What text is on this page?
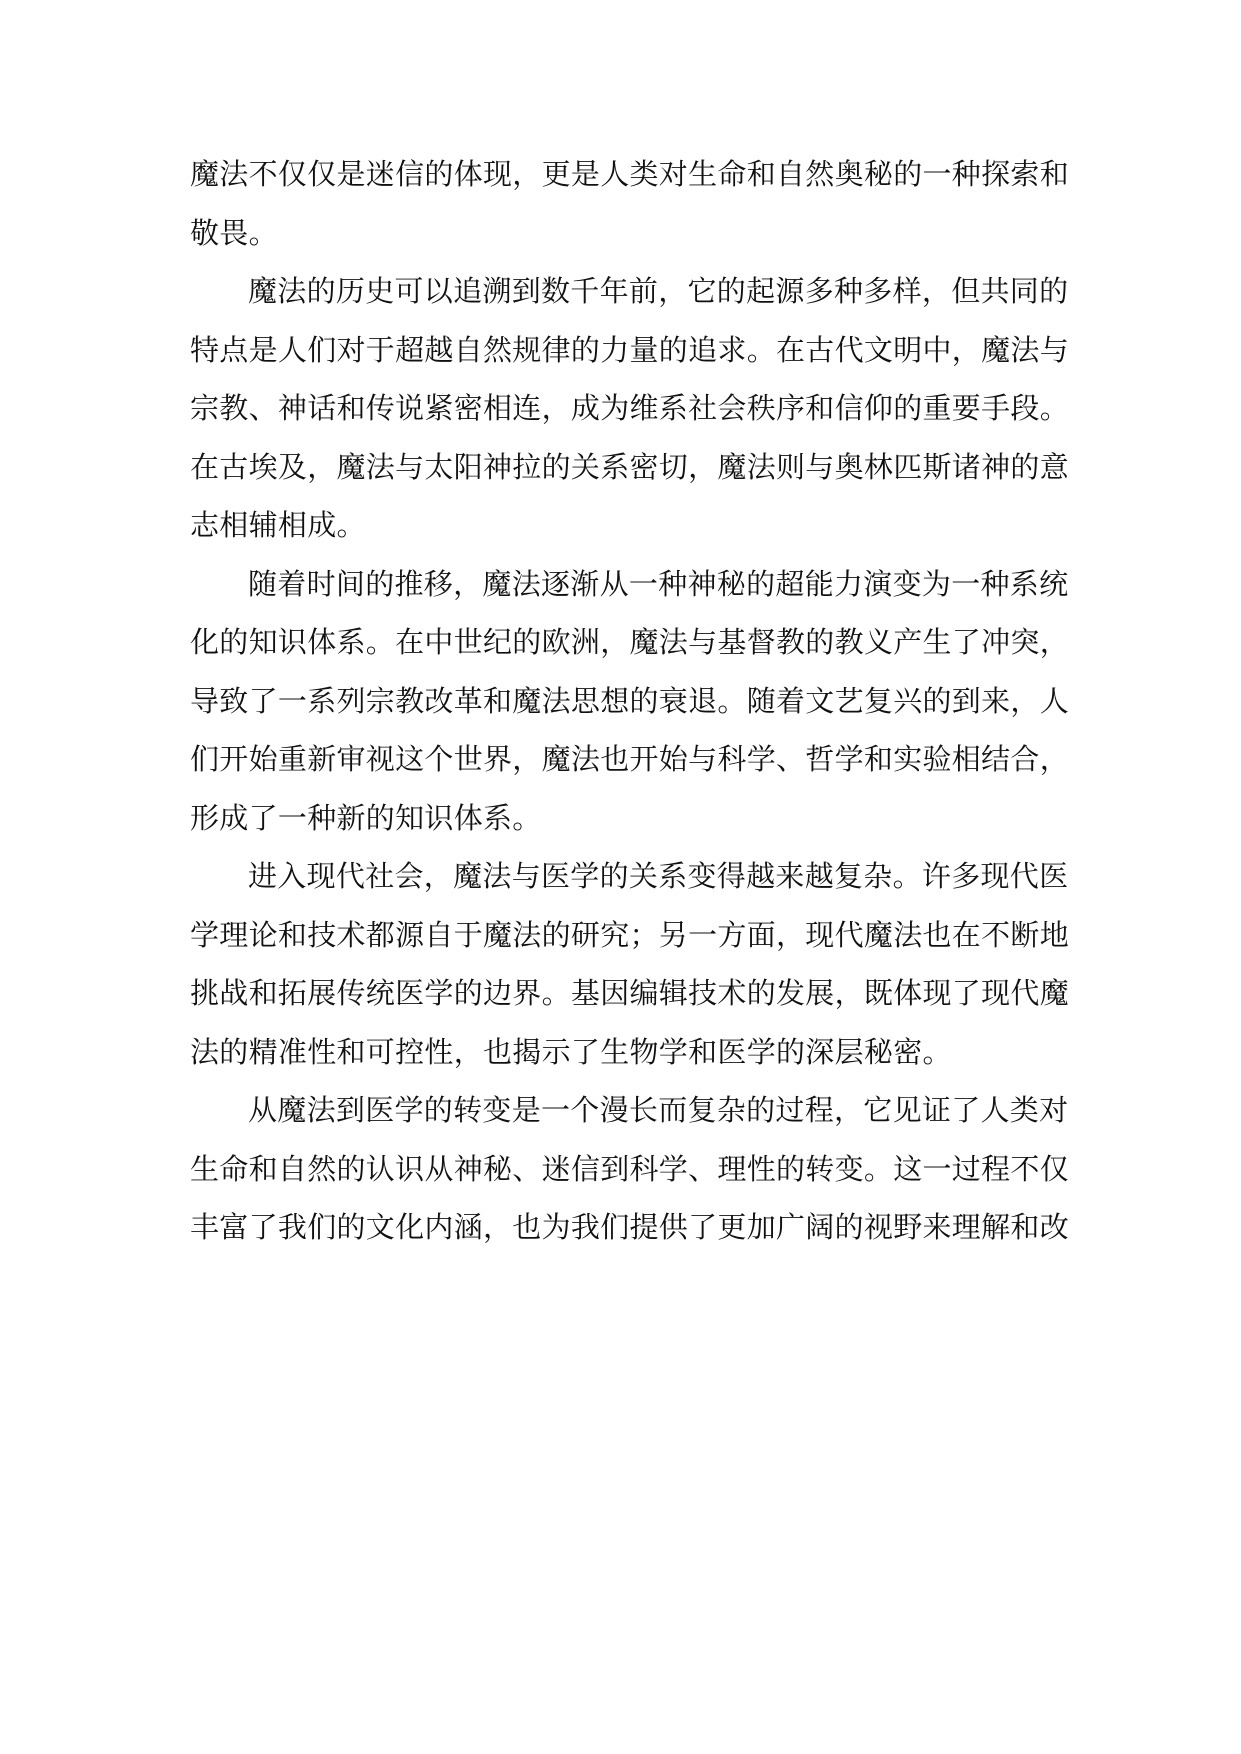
魔法不仅仅是迷信的体现，更是人类对生命和自然奥秘的一种探索和
敬畏。
魔法的历史可以追溯到数千年前，它的起源多种多样，但共同的
特点是人们对于超越自然规律的力量的追求。在古代文明中，魔法与
宗教、神话和传说紧密相连，成为维系社会秩序和信仰的重要手段。
在古埃及，魔法与太阳神拉的关系密切，魔法则与奥林匹斯诸神的意
志相辅相成。
随着时间的推移，魔法逐渐从一种神秘的超能力演变为一种系统
化的知识体系。在中世纪的欧洲，魔法与基督教的教义产生了冲突，
导致了一系列宗教改革和魔法思想的衰退。随着文艺复兴的到来，人
们开始重新审视这个世界，魔法也开始与科学、哲学和实验相结合，
形成了一种新的知识体系。
进入现代社会，魔法与医学的关系变得越来越复杂。许多现代医
学理论和技术都源自于魔法的研究；另一方面，现代魔法也在不断地
挑战和拓展传统医学的边界。基因编辑技术的发展，既体现了现代魔
法的精准性和可控性，也揭示了生物学和医学的深层秘密。
从魔法到医学的转变是一个漫长而复杂的过程，它见证了人类对
生命和自然的认识从神秘、迷信到科学、理性的转变。这一过程不仅
丰富了我们的文化内涵，也为我们提供了更加广阔的视野来理解和改
